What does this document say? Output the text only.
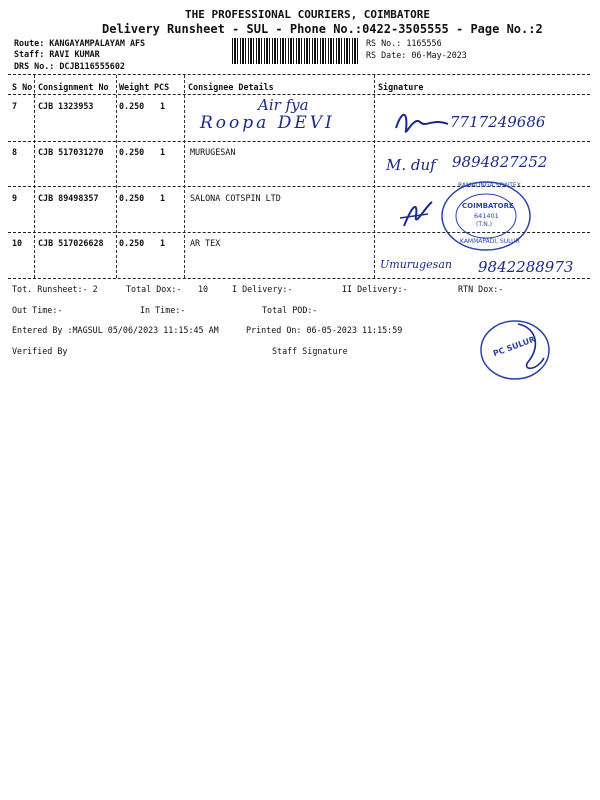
THE PROFESSIONAL COURIERS, COIMBATORE
Delivery Runsheet - SUL - Phone No.:0422-3505555 - Page No.:2
Route: KANGAYAMPALAYAM AFS
Staff: RAVI KUMAR
DRS No.: DCJB116555602
RS No.: 1165556
RS Date: 06-May-2023
S No Consignment No Weight PCS Consignee Details	Signature
7 CJB 1323953	0.250 1	Air fya
Roopa DEVI	7717249686
8 CJB 517031270 0.250 1	MURUGESAN
M. duf 9894827252
9 CJB 89498357 0.250 1	SALONA COTSPIN LTD
RAMALINGA SPINTEX
COIMBATORE
641401
(T.N.)
KAMMAPADI, SULUR
10 CJB 517026628 0.250 1	AR TEX
Umurugesan 9842288973
Tot. Runsheet:- 2	Total Dox:- 10	I Delivery:-	II Delivery:-	RTN Dox:-
Out Time:-	In Time:-	Total POD:-
Entered By :MAGSUL 05/06/2023 11:15:45 AM	Printed On: 06-05-2023 11:15:59
Verified By	Staff Signature	PC SULUR
